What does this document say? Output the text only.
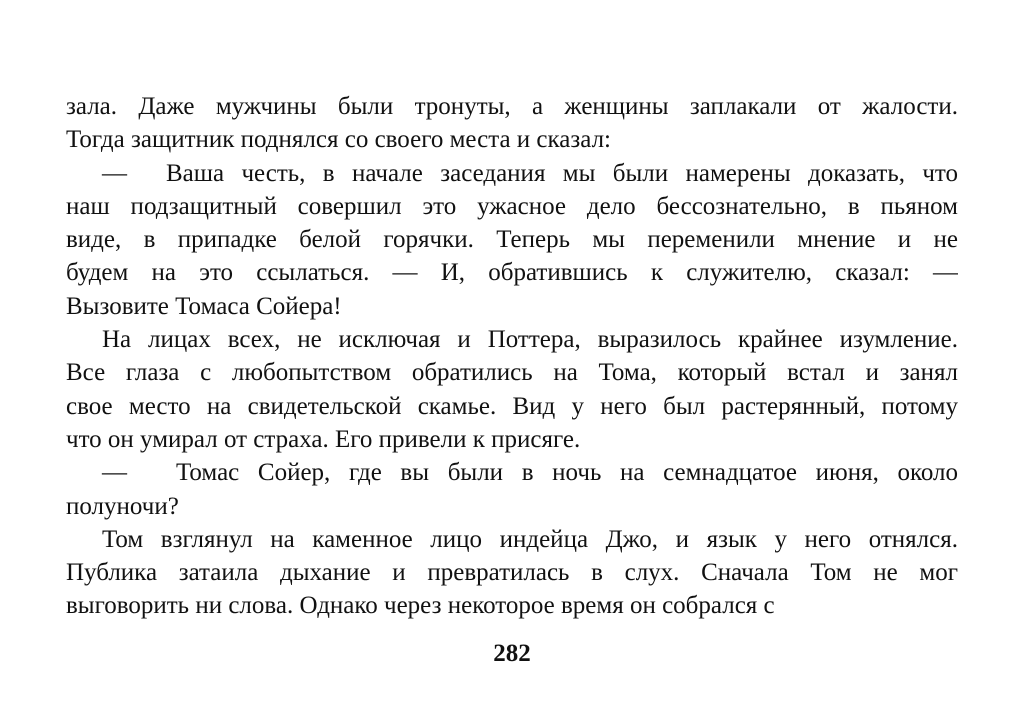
зала. Даже мужчины были тронуты, а женщины заплакали от жалости.
Тогда защитник поднялся со своего места и сказал:
— Ваша честь, в начале заседания мы были намерены доказать, что
наш подзащитный совершил это ужасное дело бессознательно, в пьяном
виде, в припадке белой горячки. Теперь мы переменили мнение и не
будем на это ссылаться. — И, обратившись к служителю, сказал: —
Вызовите Томаса Сойера!
На лицах всех, не исключая и Поттера, выразилось крайнее изумление.
Все глаза с любопытством обратились на Тома, который встал и занял
свое место на свидетельской скамье. Вид у него был растерянный, потому
что он умирал от страха. Его привели к присяге.
— Томас Сойер, где вы были в ночь на семнадцатое июня, около
полуночи?
Том взглянул на каменное лицо индейца Джо, и язык у него отнялся.
Публика затаила дыхание и превратилась в слух. Сначала Том не мог
выговорить ни слова. Однако через некоторое время он собрался с
282
